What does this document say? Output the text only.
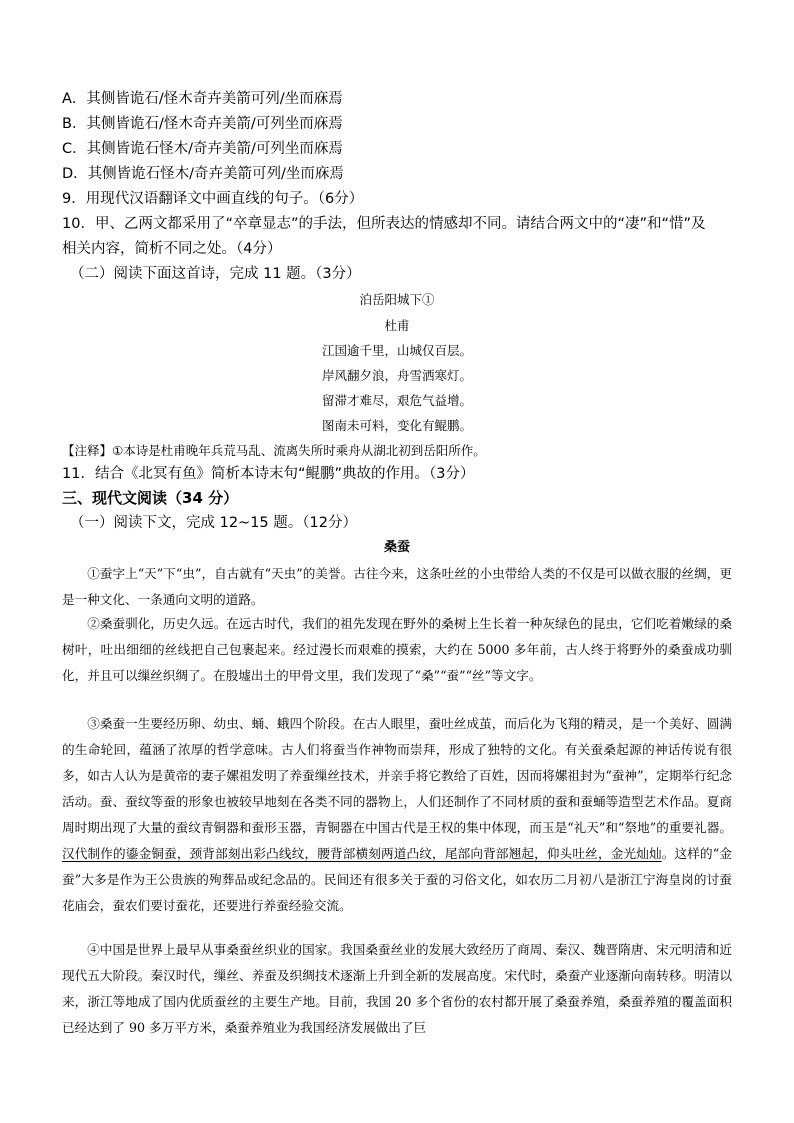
A．其侧皆诡石/怪木奇卉美箭可列/坐而庥焉
B．其侧皆诡石/怪木奇卉美箭/可列坐而庥焉
C．其侧皆诡石怪木/奇卉美箭/可列坐而庥焉
D．其侧皆诡石怪木/奇卉美箭可列/坐而庥焉
9．用现代汉语翻译文中画直线的句子。（6分）
10．甲、乙两文都采用了“卒章显志”的手法，但所表达的情感却不同。请结合两文中的“凄”和“惜”及
相关内容，简析不同之处。（4分）
（二）阅读下面这首诗，完成 11 题。（3分）
泊岳阳城下①
杜甫
江国逾千里，山城仅百层。
岸风翻夕浪，舟雪洒寒灯。
留滞才难尽，艰危气益增。
图南未可料，变化有鲲鹏。
【注释】①本诗是杜甫晚年兵荒马乱、流离失所时乘舟从湖北初到岳阳所作。
11．结合《北冥有鱼》简析本诗末句“鲲鹏”典故的作用。（3分）
三、现代文阅读（34 分）
（一）阅读下文，完成 12~15 题。（12分）
桑蚕

①蚕字上“天”下“虫”，自古就有“天虫”的美誉。古往今来，这条吐丝的小虫带给人类的不仅是可以做衣服的丝绸，更是一种文化、一条通向文明的道路。

②桑蚕驯化，历史久远。在远古时代，我们的祖先发现在野外的桑树上生长着一种灰绿色的昆虫，它们吃着嫩绿的桑树叶，吐出细细的丝线把自己包裹起来。经过漫长而艰难的摸索，大约在 5000 多年前，古人终于将野外的桑蚕成功驯化，并且可以缫丝织绸了。在殷墟出土的甲骨文里，我们发现了“桑”“蚕”“丝”等文字。

③桑蚕一生要经历卵、幼虫、蛹、蛾四个阶段。在古人眼里，蚕吐丝成茧，而后化为飞翔的精灵，是一个美好、圆满的生命轮回，蕴涵了浓厚的哲学意味。古人们将蚕当作神物而崇拜，形成了独特的文化。有关蚕桑起源的神话传说有很多，如古人认为是黄帝的妻子嫘祖发明了养蚕缫丝技术，并亲手将它教给了百姓，因而将嫘祖封为“蚕神”，定期举行纪念活动。蚕、蚕纹等蚕的形象也被较早地刻在各类不同的器物上，人们还制作了不同材质的蚕和蚕蛹等造型艺术作品。夏商周时期出现了大量的蚕纹青铜器和蚕形玉器，青铜器在中国古代是王权的集中体现，而玉是“礼天”和“祭地”的重要礼器。汉代制作的鎏金铜蚕，颈背部刻出彩凸线纹，腰背部横刻两道凸纹，尾部向背部翘起，仰头吐丝，金光灿灿。这样的“金蚕”大多是作为王公贵族的殉葬品或纪念品的。民间还有很多关于蚕的习俗文化，如农历二月初八是浙江宁海皇岗的讨蚕花庙会，蚕农们要讨蚕花，还要进行养蚕经验交流。

④中国是世界上最早从事桑蚕丝织业的国家。我国桑蚕丝业的发展大致经历了商周、秦汉、魏晋隋唐、宋元明清和近现代五大阶段。秦汉时代，缫丝、养蚕及织绸技术逐渐上升到全新的发展高度。宋代时，桑蚕产业逐渐向南转移。明清以来，浙江等地成了国内优质蚕丝的主要生产地。目前，我国 20 多个省份的农村都开展了桑蚕养殖，桑蚕养殖的覆盖面积已经达到了 90 多万平方米，桑蚕养殖业为我国经济发展做出了巨
